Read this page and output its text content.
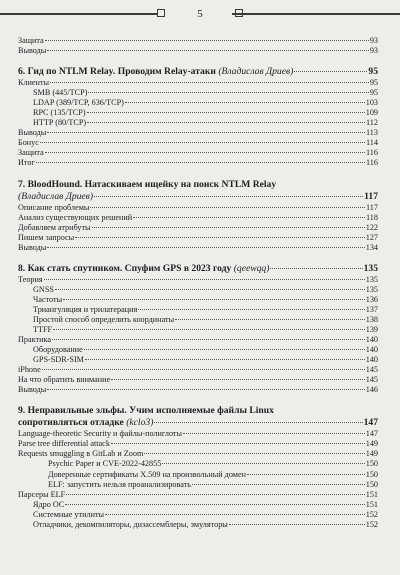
5
Защита	93
Выводы	93
6. Гид по NTLM Relay. Проводим Relay-атаки (Владислав Дриев)	95
Клиенты	95
SMB (445/TCP)	95
LDAP (389/TCP, 636/TCP)	103
RPC (135/TCP)	109
HTTP (80/TCP)	112
Выводы	113
Бонус	114
Защита	116
Итог	116
7. BloodHound. Натаскиваем ищейку на поиск NTLM Relay
(Владислав Дриев)	117
Описание проблемы	117
Анализ существующих решений	118
Добавляем атрибуты	122
Пишем запросы	127
Выводы	134
8. Как стать спутником. Спуфим GPS в 2023 году (qeewqq)	135
Теория	135
GNSS	135
Частоты	136
Триангуляция и трилатерация	137
Простой способ определить координаты	138
TTFF	139
Практика	140
Оборудование	140
GPS-SDR-SIM	140
iPhone	145
На что обратить внимание	145
Выводы	146
9. Неправильные эльфы. Учим исполняемые файлы Linux
сопротивляться отладке (kclo3)	147
Language-theoretic Security и файлы-полиглоты	147
Parse tree differential attack	149
Requests smuggling в GitLab и Zoom	149
Psychic Paper и CVE-2022-42855	150
Доверенные сертификаты X.509 на произвольный домен	150
ELF: запустить нельзя проанализировать	150
Парсеры ELF	151
Ядро ОС	151
Системные утилиты	152
Отладчики, декомпиляторы, дизассемблеры, эмуляторы	152
